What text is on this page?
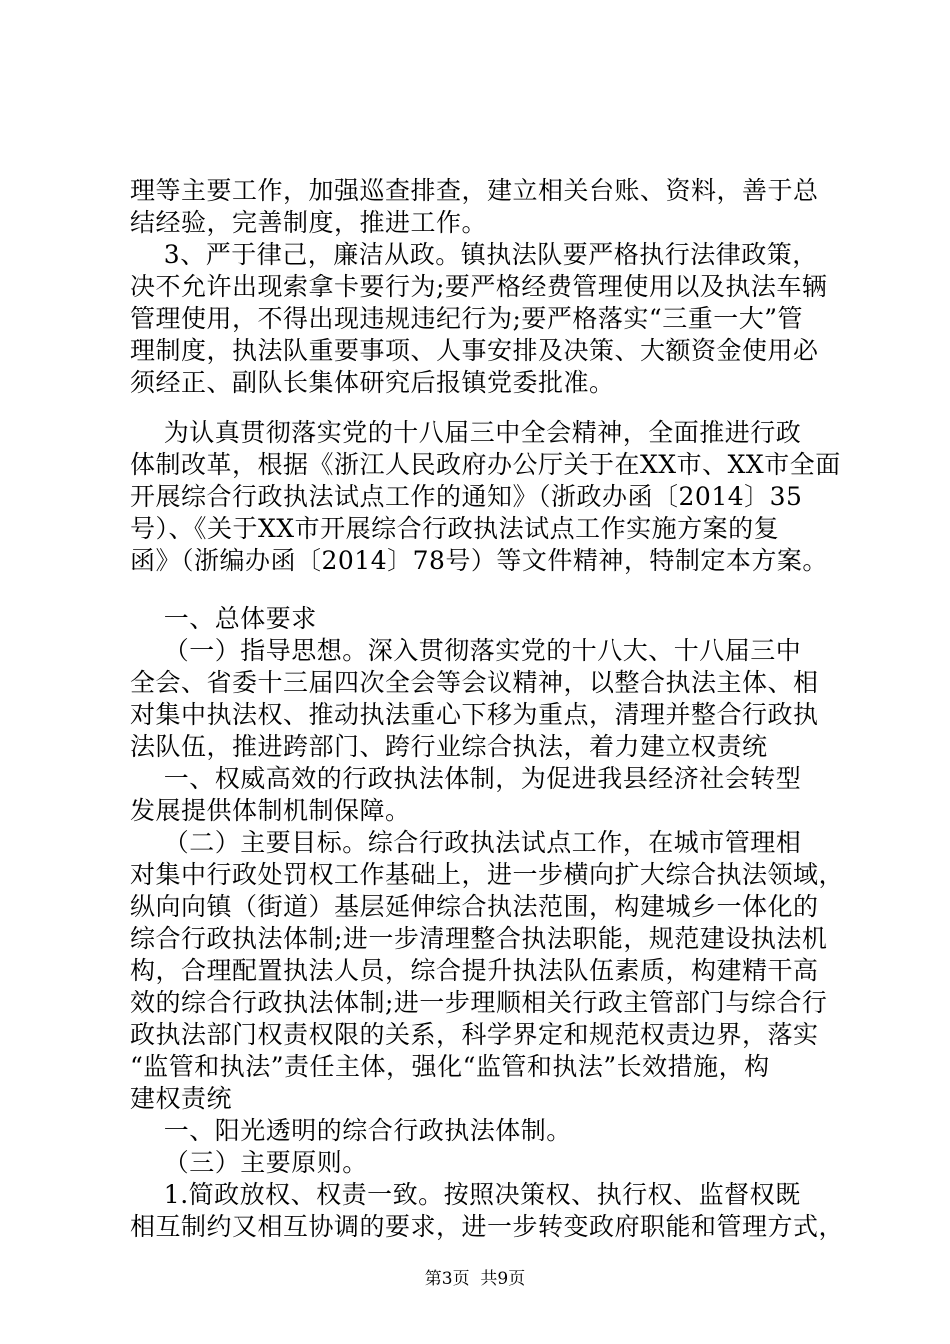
理等主要工作，加强巡查排查，建立相关台账、资料，善于总
结经验，完善制度，推进工作。
3、严于律己，廉洁从政。镇执法队要严格执行法律政策，
决不允许出现索拿卡要行为;要严格经费管理使用以及执法车辆
管理使用，不得出现违规违纪行为;要严格落实“三重一大”管
理制度，执法队重要事项、人事安排及决策、大额资金使用必
须经正、副队长集体研究后报镇党委批准。
为认真贯彻落实党的十八届三中全会精神，全面推进行政
体制改革，根据《浙江人民政府办公厅关于在XX市、XX市全面
开展综合行政执法试点工作的通知》（浙政办函〔2014〕35
号）、《关于XX市开展综合行政执法试点工作实施方案的复
函》（浙编办函〔2014〕78号）等文件精神，特制定本方案。
一、总体要求
（一）指导思想。深入贯彻落实党的十八大、十八届三中
全会、省委十三届四次全会等会议精神，以整合执法主体、相
对集中执法权、推动执法重心下移为重点，清理并整合行政执
法队伍，推进跨部门、跨行业综合执法，着力建立权责统
一、权威高效的行政执法体制，为促进我县经济社会转型
发展提供体制机制保障。
（二）主要目标。综合行政执法试点工作，在城市管理相
对集中行政处罚权工作基础上，进一步横向扩大综合执法领域，
纵向向镇（街道）基层延伸综合执法范围，构建城乡一体化的
综合行政执法体制;进一步清理整合执法职能，规范建设执法机
构，合理配置执法人员，综合提升执法队伍素质，构建精干高
效的综合行政执法体制;进一步理顺相关行政主管部门与综合行
政执法部门权责权限的关系，科学界定和规范权责边界，落实
“监管和执法”责任主体，强化“监管和执法”长效措施，构
建权责统
一、阳光透明的综合行政执法体制。
（三）主要原则。
1.简政放权、权责一致。按照决策权、执行权、监督权既
相互制约又相互协调的要求，进一步转变政府职能和管理方式，
第3页  共9页
